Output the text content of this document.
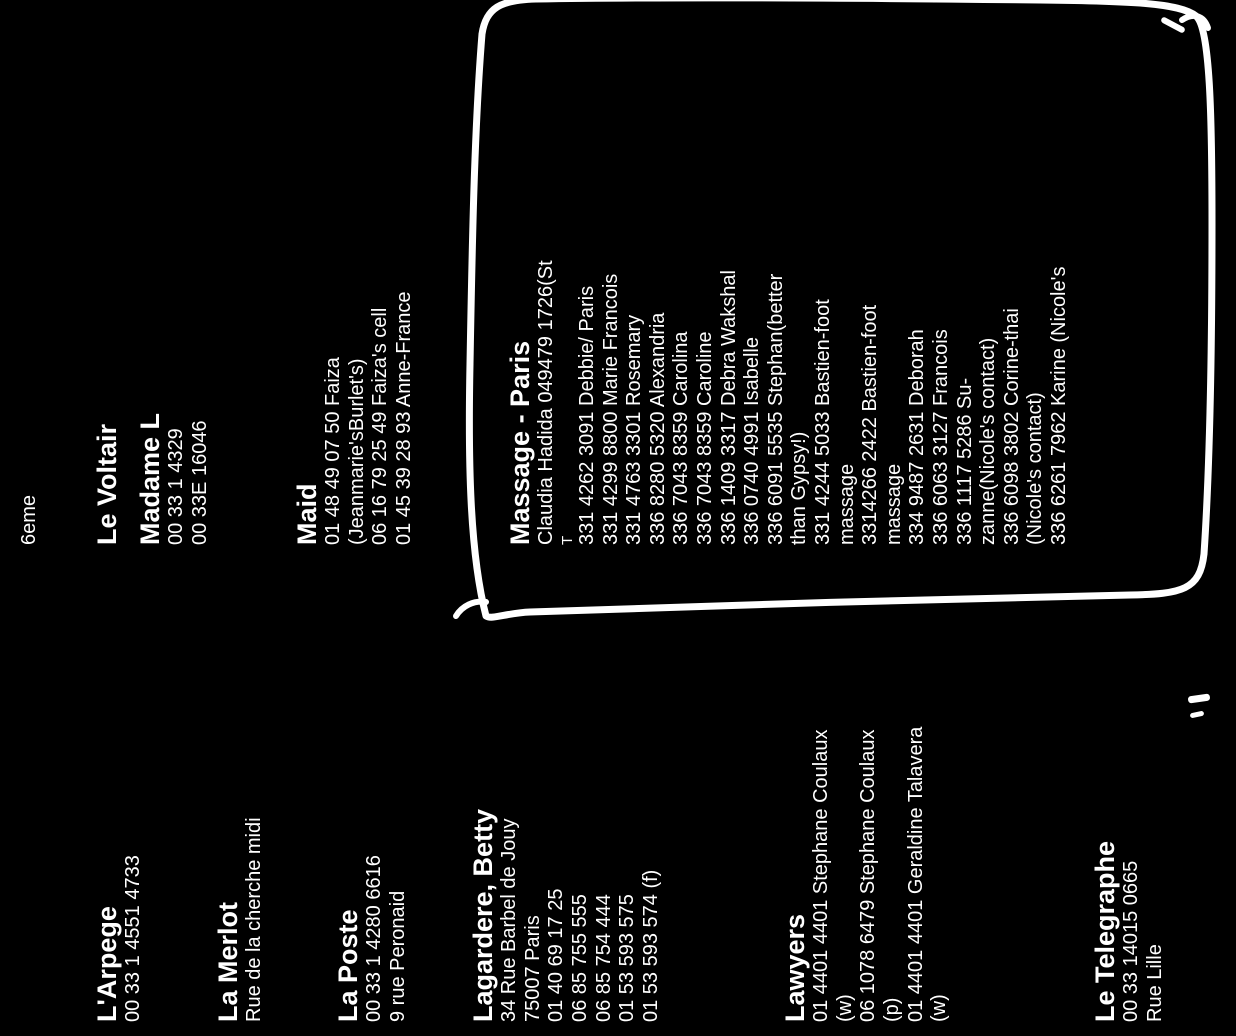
6eme
L'Arpege 00 33 1 4551 4733	La Merlot Rue de la cherche midi	La Poste 00 33 1 4280 6616 9 rue Peronaid Lagardere, Betty 34 Rue Barbel de Jouy 75007 Paris 01 40 69 17 25 06 85 755 555 06 85 754 444 01 53 593 575 01 53 593 574 (f)	Lawyers 01 4401 4401 Stephane Coulaux (w) 06 1078 6479 Stephane Coulaux (p) 01 4401 4401 Geraldine Talavera (w)	Le Telegraphe 00 33 14015 0665 Rue Lille
Le Voltair Madame L 00 33 1 4329 00 33E 16046	Maid 01 48 49 07 50 Faiza (Jeanmarie'sBurlet's) 06 16 79 25 49 Faiza's cell 01 45 39 28 93 Anne-France	Massage - Paris Claudia Hadida 049479 1726(St T 331 4262 3091 Debbie/ Paris 331 4299 8800 Marie Francois 331 4763 3301 Rosemary 336 8280 5320 Alexandria 336 7043 8359 Carolina 336 7043 8359 Caroline 336 1409 3317 Debra Wakshal 336 0740 4991 Isabelle 336 6091 5535 Stephan(better than Gypsy!) 331 4244 5033 Bastien-foot massage 3314266 2422 Bastien-foot massage 334 9487 2631 Deborah 336 6063 3127 Francois 336 1117 5286 Su- zanne(Nicole's contact) 336 6098 3802 Corine-thai (Nicole's contact) 336 6261 7962 Karine (Nicole's
